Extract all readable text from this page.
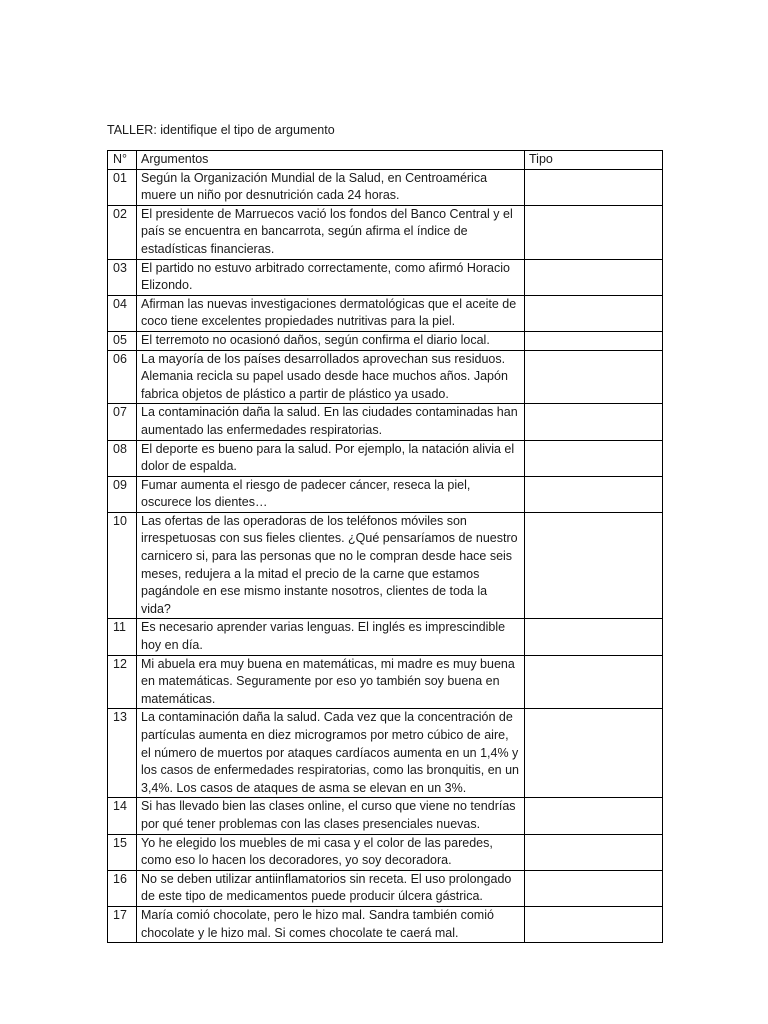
TALLER: identifique el tipo de argumento
N°	Argumentos	Tipo
01	Según la Organización Mundial de la Salud, en Centroamérica muere un niño por desnutrición cada 24 horas.	
02	El presidente de Marruecos vació los fondos del Banco Central y el país se encuentra en bancarrota, según afirma el índice de estadísticas financieras.	
03	El partido no estuvo arbitrado correctamente, como afirmó Horacio Elizondo.	
04	Afirman las nuevas investigaciones dermatológicas que el aceite de coco tiene excelentes propiedades nutritivas para la piel.	
05	El terremoto no ocasionó daños, según confirma el diario local.	
06	La mayoría de los países desarrollados aprovechan sus residuos. Alemania recicla su papel usado desde hace muchos años. Japón fabrica objetos de plástico a partir de plástico ya usado.	
07	La contaminación daña la salud. En las ciudades contaminadas han aumentado las enfermedades respiratorias.	
08	El deporte es bueno para la salud. Por ejemplo, la natación alivia el dolor de espalda.	
09	Fumar aumenta el riesgo de padecer cáncer, reseca la piel, oscurece los dientes…	
10	Las ofertas de las operadoras de los teléfonos móviles son irrespetuosas con sus fieles clientes. ¿Qué pensaríamos de nuestro carnicero si, para las personas que no le compran desde hace seis meses, redujera a la mitad el precio de la carne que estamos pagándole en ese mismo instante nosotros, clientes de toda la vida?	
11	Es necesario aprender varias lenguas. El inglés es imprescindible hoy en día.	
12	Mi abuela era muy buena en matemáticas, mi madre es muy buena en matemáticas. Seguramente por eso yo también soy buena en matemáticas.	
13	La contaminación daña la salud. Cada vez que la concentración de partículas aumenta en diez microgramos por metro cúbico de aire, el número de muertos por ataques cardíacos aumenta en un 1,4% y los casos de enfermedades respiratorias, como las bronquitis, en un 3,4%. Los casos de ataques de asma se elevan en un 3%.	
14	Si has llevado bien las clases online, el curso que viene no tendrías por qué tener problemas con las clases presenciales nuevas.	
15	Yo he elegido los muebles de mi casa y el color de las paredes, como eso lo hacen los decoradores, yo soy decoradora.	
16	No se deben utilizar antiinflamatorios sin receta. El uso prolongado de este tipo de medicamentos puede producir úlcera gástrica.	
17	María comió chocolate, pero le hizo mal. Sandra también comió chocolate y le hizo mal. Si comes chocolate te caerá mal.	
